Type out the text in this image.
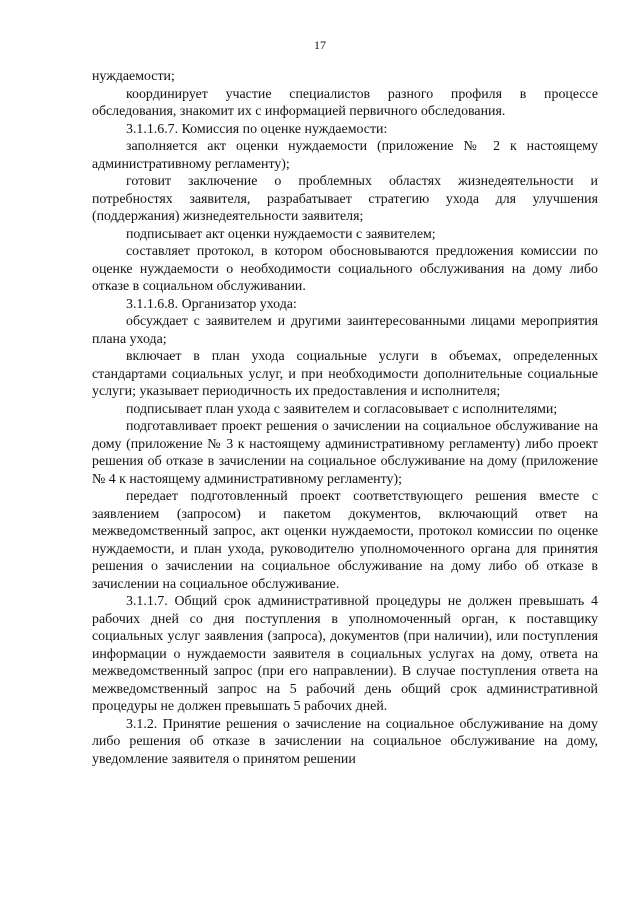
17

нуждаемости;

координирует участие специалистов разного профиля в процессе обследования, знакомит их с информацией первичного обследования.

3.1.1.6.7. Комиссия по оценке нуждаемости:

заполняется акт оценки нуждаемости (приложение № 2 к настоящему административному регламенту);

готовит заключение о проблемных областях жизнедеятельности и потребностях заявителя, разрабатывает стратегию ухода для улучшения (поддержания) жизнедеятельности заявителя;

подписывает акт оценки нуждаемости с заявителем;

составляет протокол, в котором обосновываются предложения комиссии по оценке нуждаемости о необходимости социального обслуживания на дому либо отказе в социальном обслуживании.

3.1.1.6.8. Организатор ухода:

обсуждает с заявителем и другими заинтересованными лицами мероприятия плана ухода;

включает в план ухода социальные услуги в объемах, определенных стандартами социальных услуг, и при необходимости дополнительные социальные услуги; указывает периодичность их предоставления и исполнителя;

подписывает план ухода с заявителем и согласовывает с исполнителями;

подготавливает проект решения о зачислении на социальное обслуживание на дому (приложение № 3 к настоящему административному регламенту) либо проект решения об отказе в зачислении на социальное обслуживание на дому (приложение № 4 к настоящему административному регламенту);

передает подготовленный проект соответствующего решения вместе с заявлением (запросом) и пакетом документов, включающий ответ на межведомственный запрос, акт оценки нуждаемости, протокол комиссии по оценке нуждаемости, и план ухода, руководителю уполномоченного органа для принятия решения о зачислении на социальное обслуживание на дому либо об отказе в зачислении на социальное обслуживание.

3.1.1.7. Общий срок административной процедуры не должен превышать 4 рабочих дней со дня поступления в уполномоченный орган, к поставщику социальных услуг заявления (запроса), документов (при наличии), или поступления информации о нуждаемости заявителя в социальных услугах на дому, ответа на межведомственный запрос (при его направлении). В случае поступления ответа на межведомственный запрос на 5 рабочий день общий срок административной процедуры не должен превышать 5 рабочих дней.

3.1.2. Принятие решения о зачисление на социальное обслуживание на дому либо решения об отказе в зачислении на социальное обслуживание на дому, уведомление заявителя о принятом решении
